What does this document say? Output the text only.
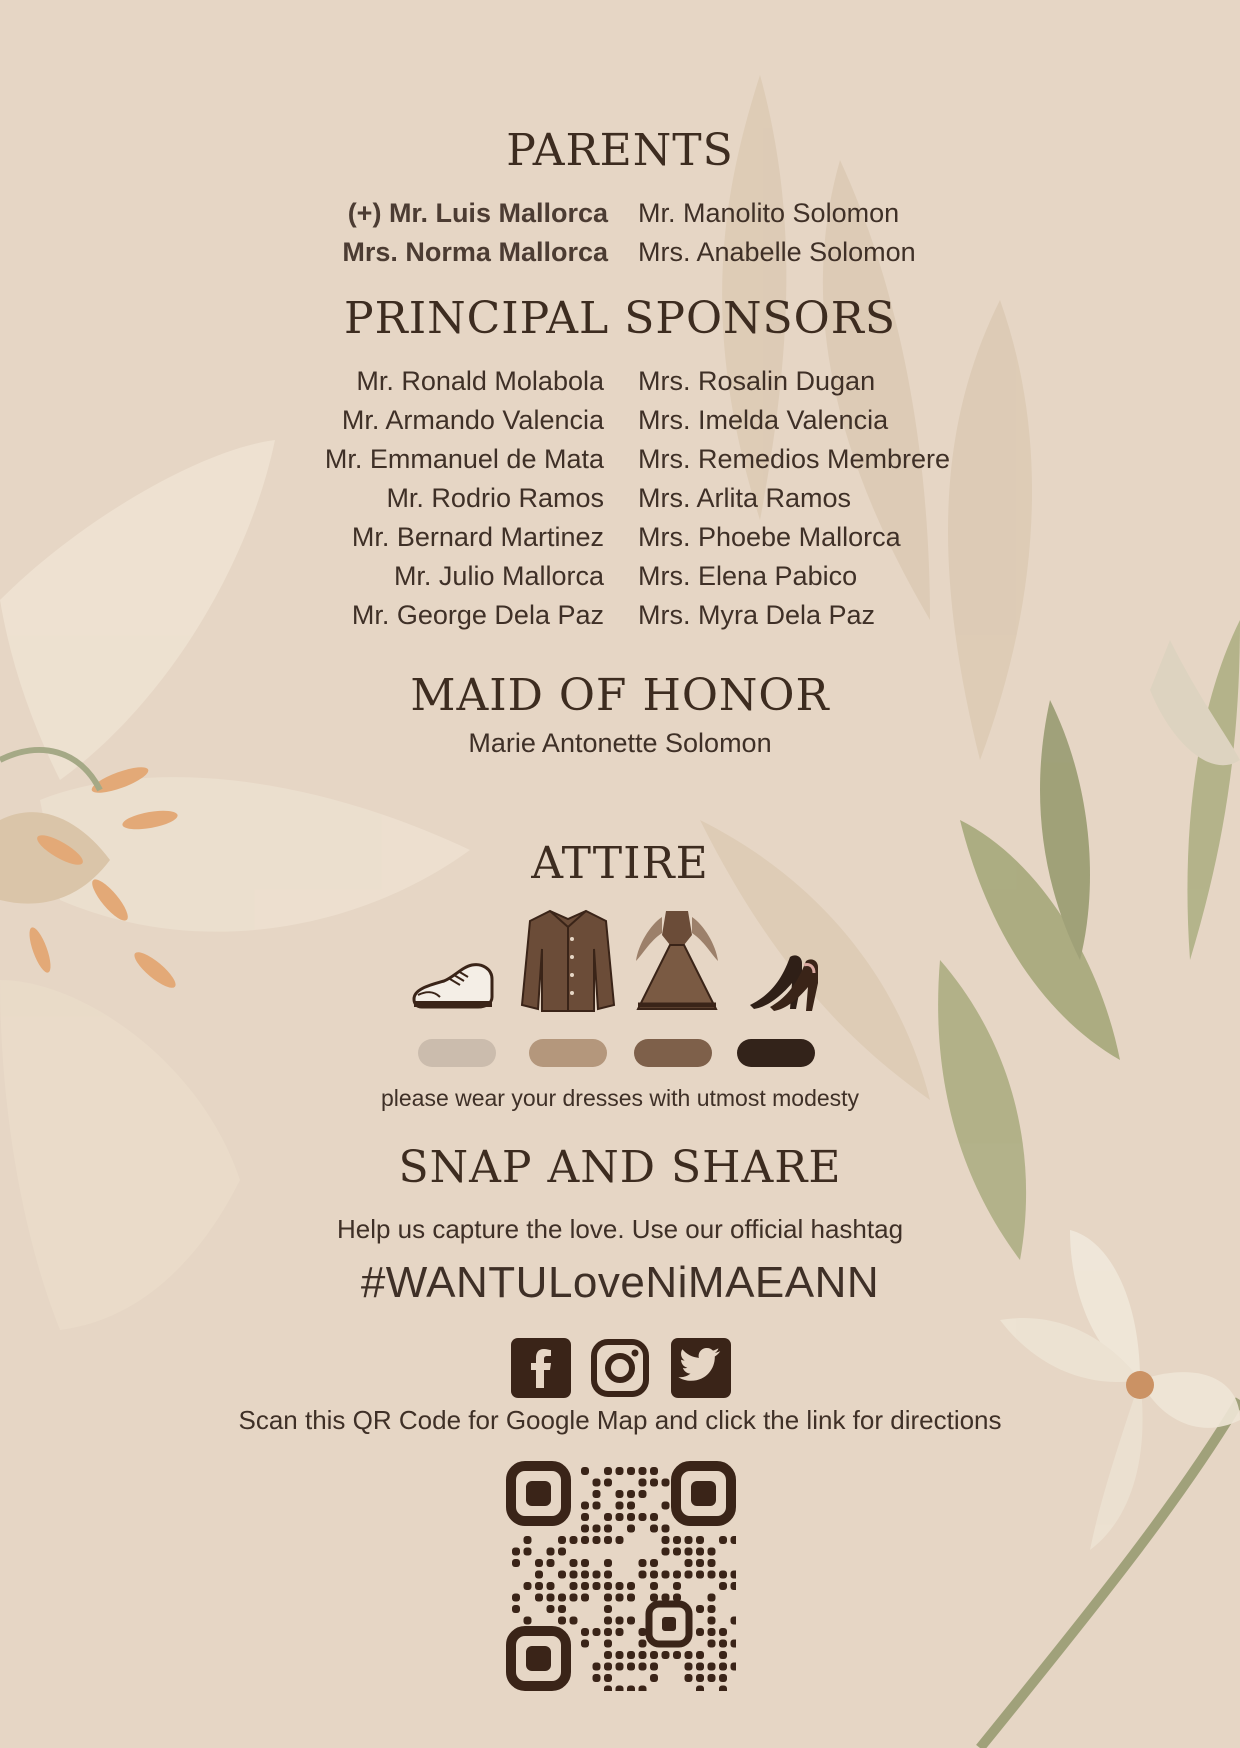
PARENTS
(+) Mr. Luis Mallorca
Mrs. Norma Mallorca
Mr. Manolito Solomon
Mrs. Anabelle Solomon
PRINCIPAL SPONSORS
Mr. Ronald Molabola
Mr. Armando Valencia
Mr. Emmanuel de Mata
Mr. Rodrio Ramos
Mr. Bernard Martinez
Mr. Julio Mallorca
Mr. George Dela Paz
Mrs. Rosalin Dugan
Mrs. Imelda Valencia
Mrs. Remedios Membrere
Mrs. Arlita Ramos
Mrs. Phoebe Mallorca
Mrs. Elena Pabico
Mrs. Myra Dela Paz
MAID OF HONOR
Marie Antonette Solomon
ATTIRE
please wear your dresses with utmost modesty
SNAP AND SHARE
Help us capture the love. Use our official hashtag
#WANTULoveNiMAEANN
Scan this QR Code for Google Map and click the link for directions
